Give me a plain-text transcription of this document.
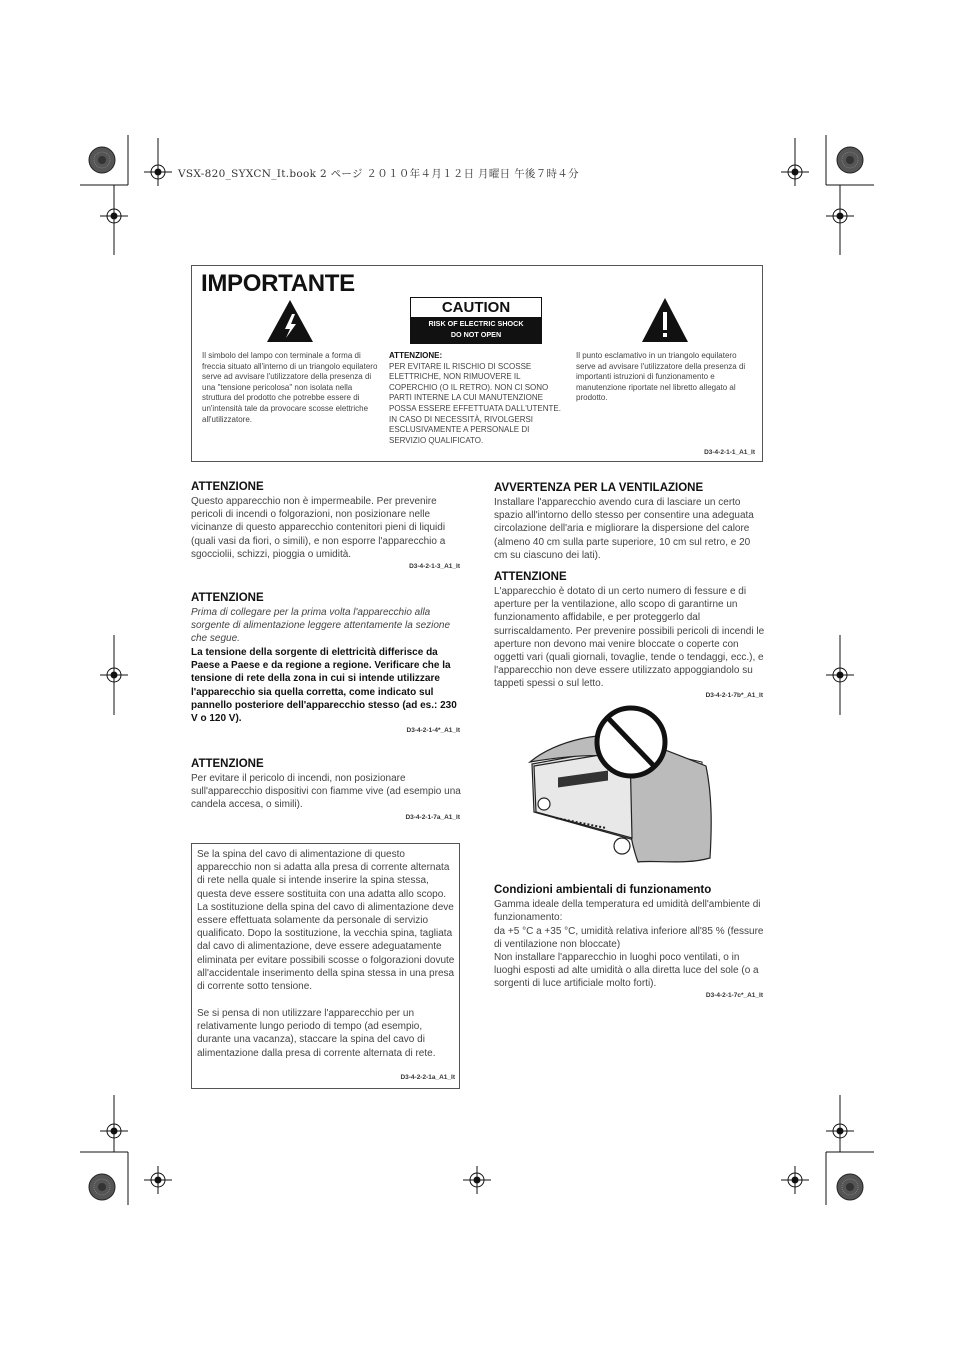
VSX-820_SYXCN_It.book 2 ページ ２０１０年４月１２日 月曜日 午後７時４分
IMPORTANTE
CAUTION
RISK OF ELECTRIC SHOCK
DO NOT OPEN
Il simbolo del lampo con terminale a forma di freccia situato all'interno di un triangolo equilatero serve ad avvisare l'utilizzatore della presenza di una "tensione pericolosa" non isolata nella struttura del prodotto che potrebbe essere di un'intensità tale da provocare scosse elettriche all'utilizzatore.
ATTENZIONE:
PER EVITARE IL RISCHIO DI SCOSSE ELETTRICHE, NON RIMUOVERE IL COPERCHIO (O IL RETRO). NON CI SONO PARTI INTERNE LA CUI MANUTENZIONE POSSA ESSERE EFFETTUATA DALL'UTENTE. IN CASO DI NECESSITÀ, RIVOLGERSI ESCLUSIVAMENTE A PERSONALE DI SERVIZIO QUALIFICATO.
Il punto esclamativo in un triangolo equilatero serve ad avvisare l'utilizzatore della presenza di importanti istruzioni di funzionamento e manutenzione riportate nel libretto allegato al prodotto.
D3-4-2-1-1_A1_It
ATTENZIONE
Questo apparecchio non è impermeabile. Per prevenire pericoli di incendi o folgorazioni, non posizionare nelle vicinanze di questo apparecchio contenitori pieni di liquidi (quali vasi da fiori, o simili), e non esporre l'apparecchio a sgocciolii, schizzi, pioggia o umidità.
D3-4-2-1-3_A1_It
ATTENZIONE
Prima di collegare per la prima volta l'apparecchio alla sorgente di alimentazione leggere attentamente la sezione che segue.
La tensione della sorgente di elettricità differisce da Paese a Paese e da regione a regione. Verificare che la tensione di rete della zona in cui si intende utilizzare l'apparecchio sia quella corretta, come indicato sul pannello posteriore dell'apparecchio stesso (ad es.: 230 V o 120 V).
D3-4-2-1-4*_A1_It
ATTENZIONE
Per evitare il pericolo di incendi, non posizionare sull'apparecchio dispositivi con fiamme vive (ad esempio una candela accesa, o simili).
D3-4-2-1-7a_A1_It
Se la spina del cavo di alimentazione di questo apparecchio non si adatta alla presa di corrente alternata di rete nella quale si intende inserire la spina stessa, questa deve essere sostituita con una adatta allo scopo. La sostituzione della spina del cavo di alimentazione deve essere effettuata solamente da personale di servizio qualificato. Dopo la sostituzione, la vecchia spina, tagliata dal cavo di alimentazione, deve essere adeguatamente eliminata per evitare possibili scosse o folgorazioni dovute all'accidentale inserimento della spina stessa in una presa di corrente sotto tensione.
Se si pensa di non utilizzare l'apparecchio per un relativamente lungo periodo di tempo (ad esempio, durante una vacanza), staccare la spina del cavo di alimentazione dalla presa di corrente alternata di rete.
D3-4-2-2-1a_A1_It
AVVERTENZA PER LA VENTILAZIONE
Installare l'apparecchio avendo cura di lasciare un certo spazio all'intorno dello stesso per consentire una adeguata circolazione dell'aria e migliorare la dispersione del calore (almeno 40 cm sulla parte superiore, 10 cm sul retro, e 20 cm su ciascuno dei lati).
ATTENZIONE
L'apparecchio è dotato di un certo numero di fessure e di aperture per la ventilazione, allo scopo di garantirne un funzionamento affidabile, e per proteggerlo dal surriscaldamento. Per prevenire possibili pericoli di incendi le aperture non devono mai venire bloccate o coperte con oggetti vari (quali giornali, tovaglie, tende o tendaggi, ecc.), e l'apparecchio non deve essere utilizzato appoggiandolo su tappeti spessi o sul letto.
D3-4-2-1-7b*_A1_It
Condizioni ambientali di funzionamento
Gamma ideale della temperatura ed umidità dell'ambiente di funzionamento:
da +5 °C a +35 °C, umidità relativa inferiore all'85 % (fessure di ventilazione non bloccate)
Non installare l'apparecchio in luoghi poco ventilati, o in luoghi esposti ad alte umidità o alla diretta luce del sole (o a sorgenti di luce artificiale molto forti).
D3-4-2-1-7c*_A1_It
